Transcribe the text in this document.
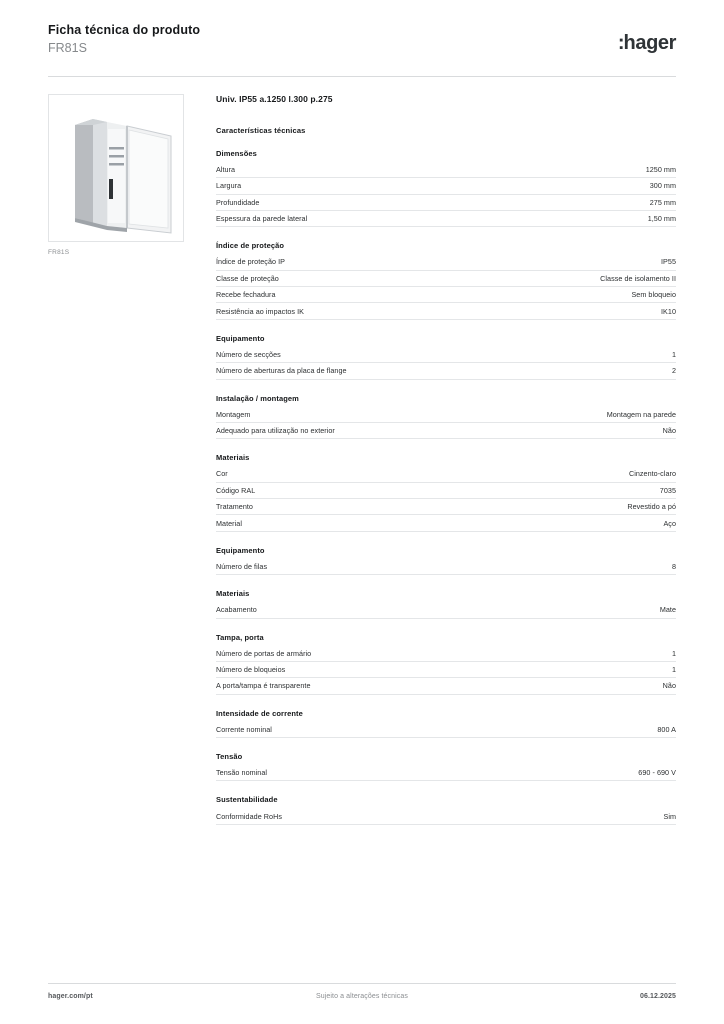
Ficha técnica do produto
FR81S	:hager
FR81S
Univ. IP55 a.1250 l.300 p.275
Características técnicas
Dimensões
Altura	1250 mm
Largura	300 mm
Profundidade	275 mm
Espessura da parede lateral	1,50 mm
Índice de proteção
Índice de proteção IP	IP55
Classe de proteção	Classe de isolamento II
Recebe fechadura	Sem bloqueio
Resistência ao impactos IK	IK10
Equipamento
Número de secções	1
Número de aberturas da placa de flange	2
Instalação / montagem
Montagem	Montagem na parede
Adequado para utilização no exterior	Não
Materiais
Cor	Cinzento-claro
Código RAL	7035
Tratamento	Revestido a pó
Material	Aço
Equipamento
Número de filas	8
Materiais
Acabamento	Mate
Tampa, porta
Número de portas de armário	1
Número de bloqueios	1
A porta/tampa é transparente	Não
Intensidade de corrente
Corrente nominal	800 A
Tensão
Tensão nominal	690 - 690 V
Sustentabilidade
Conformidade RoHs	Sim
hager.com/pt	Sujeito a alterações técnicas	06.12.2025
